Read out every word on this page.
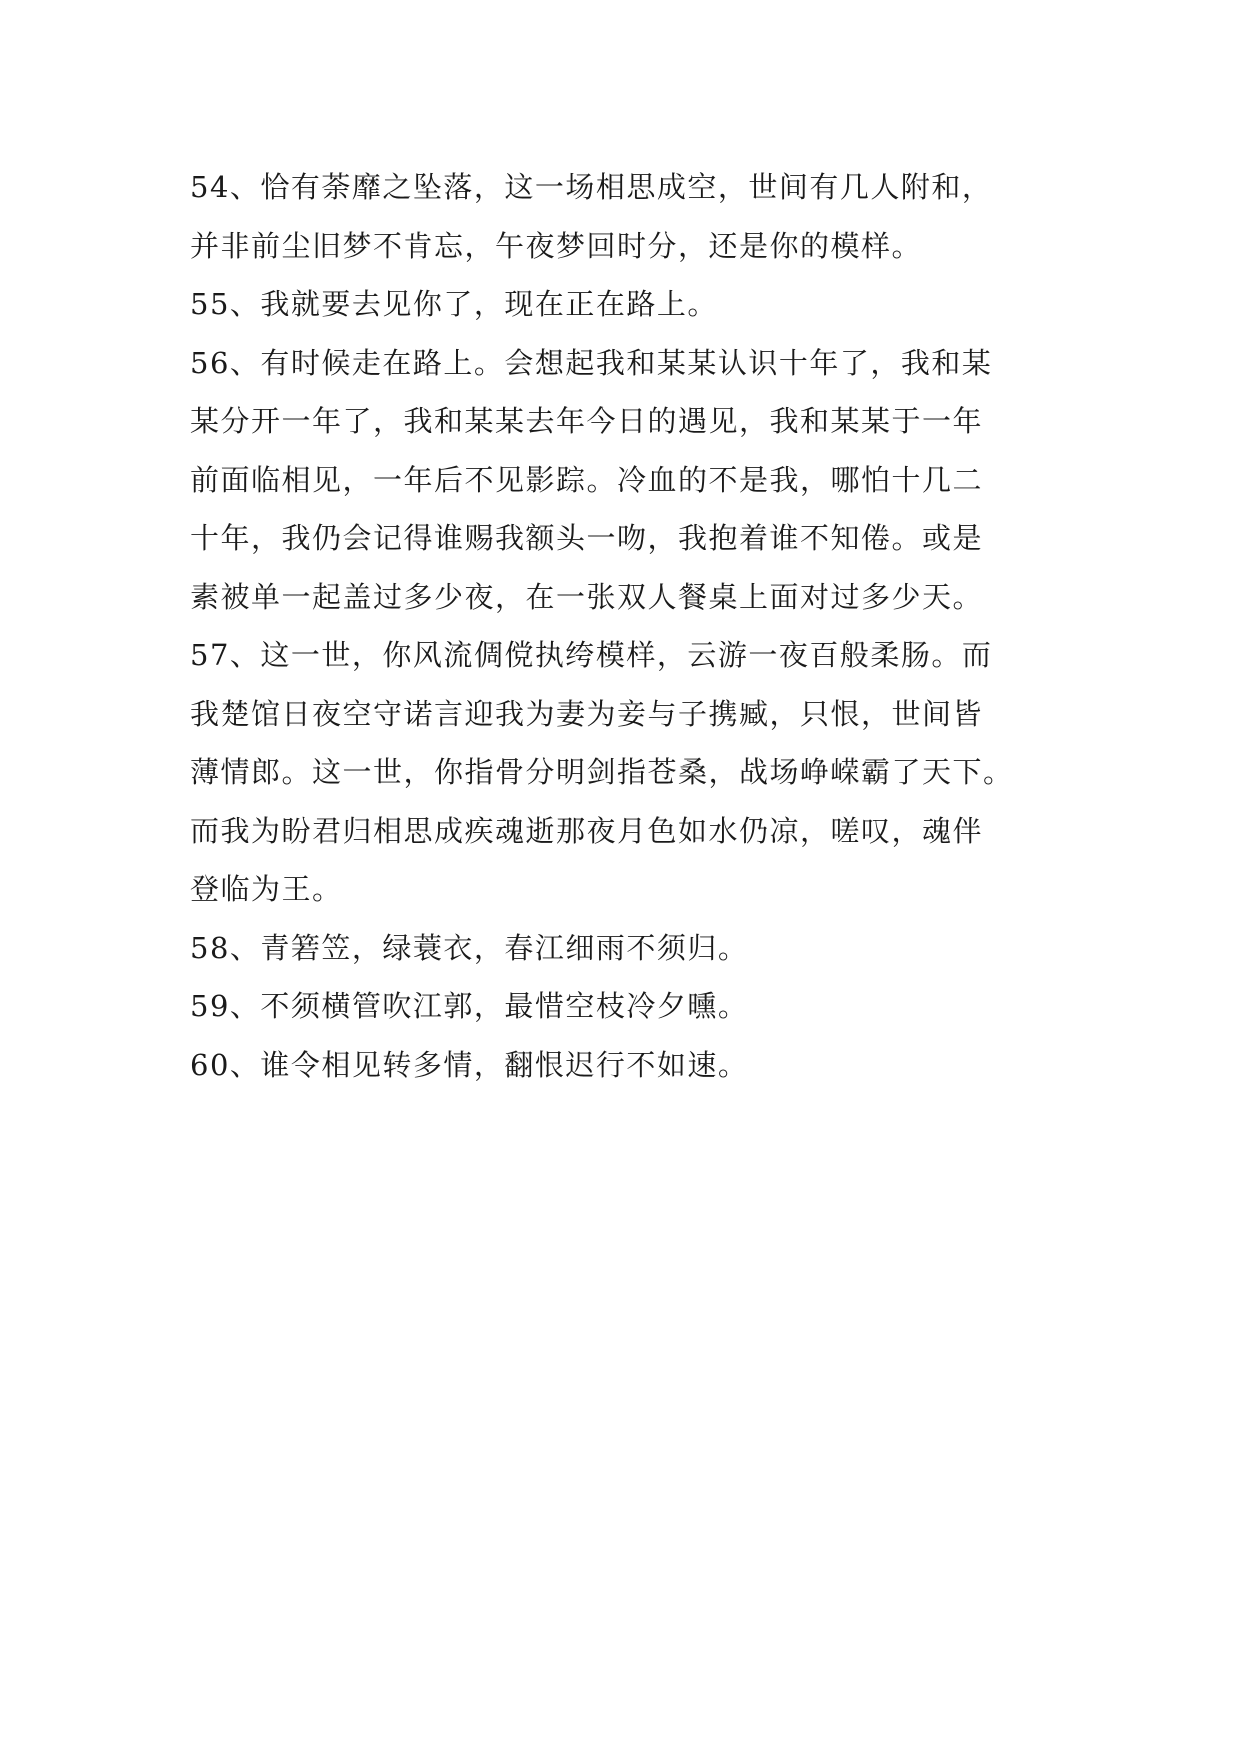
54、恰有荼靡之坠落，这一场相思成空，世间有几人附和，
并非前尘旧梦不肯忘，午夜梦回时分，还是你的模样。
55、我就要去见你了，现在正在路上。
56、有时候走在路上。会想起我和某某认识十年了，我和某
某分开一年了，我和某某去年今日的遇见，我和某某于一年
前面临相见，一年后不见影踪。冷血的不是我，哪怕十几二
十年，我仍会记得谁赐我额头一吻，我抱着谁不知倦。或是
素被单一起盖过多少夜，在一张双人餐桌上面对过多少天。
57、这一世，你风流倜傥执绔模样，云游一夜百般柔肠。而
我楚馆日夜空守诺言迎我为妻为妾与子携臧，只恨，世间皆
薄情郎。这一世，你指骨分明剑指苍桑，战场峥嵘霸了天下。
而我为盼君归相思成疾魂逝那夜月色如水仍凉，嗟叹，魂伴
登临为王。
58、青箬笠，绿蓑衣，春江细雨不须归。
59、不须横管吹江郭，最惜空枝冷夕曛。
60、谁令相见转多情，翻恨迟行不如速。
